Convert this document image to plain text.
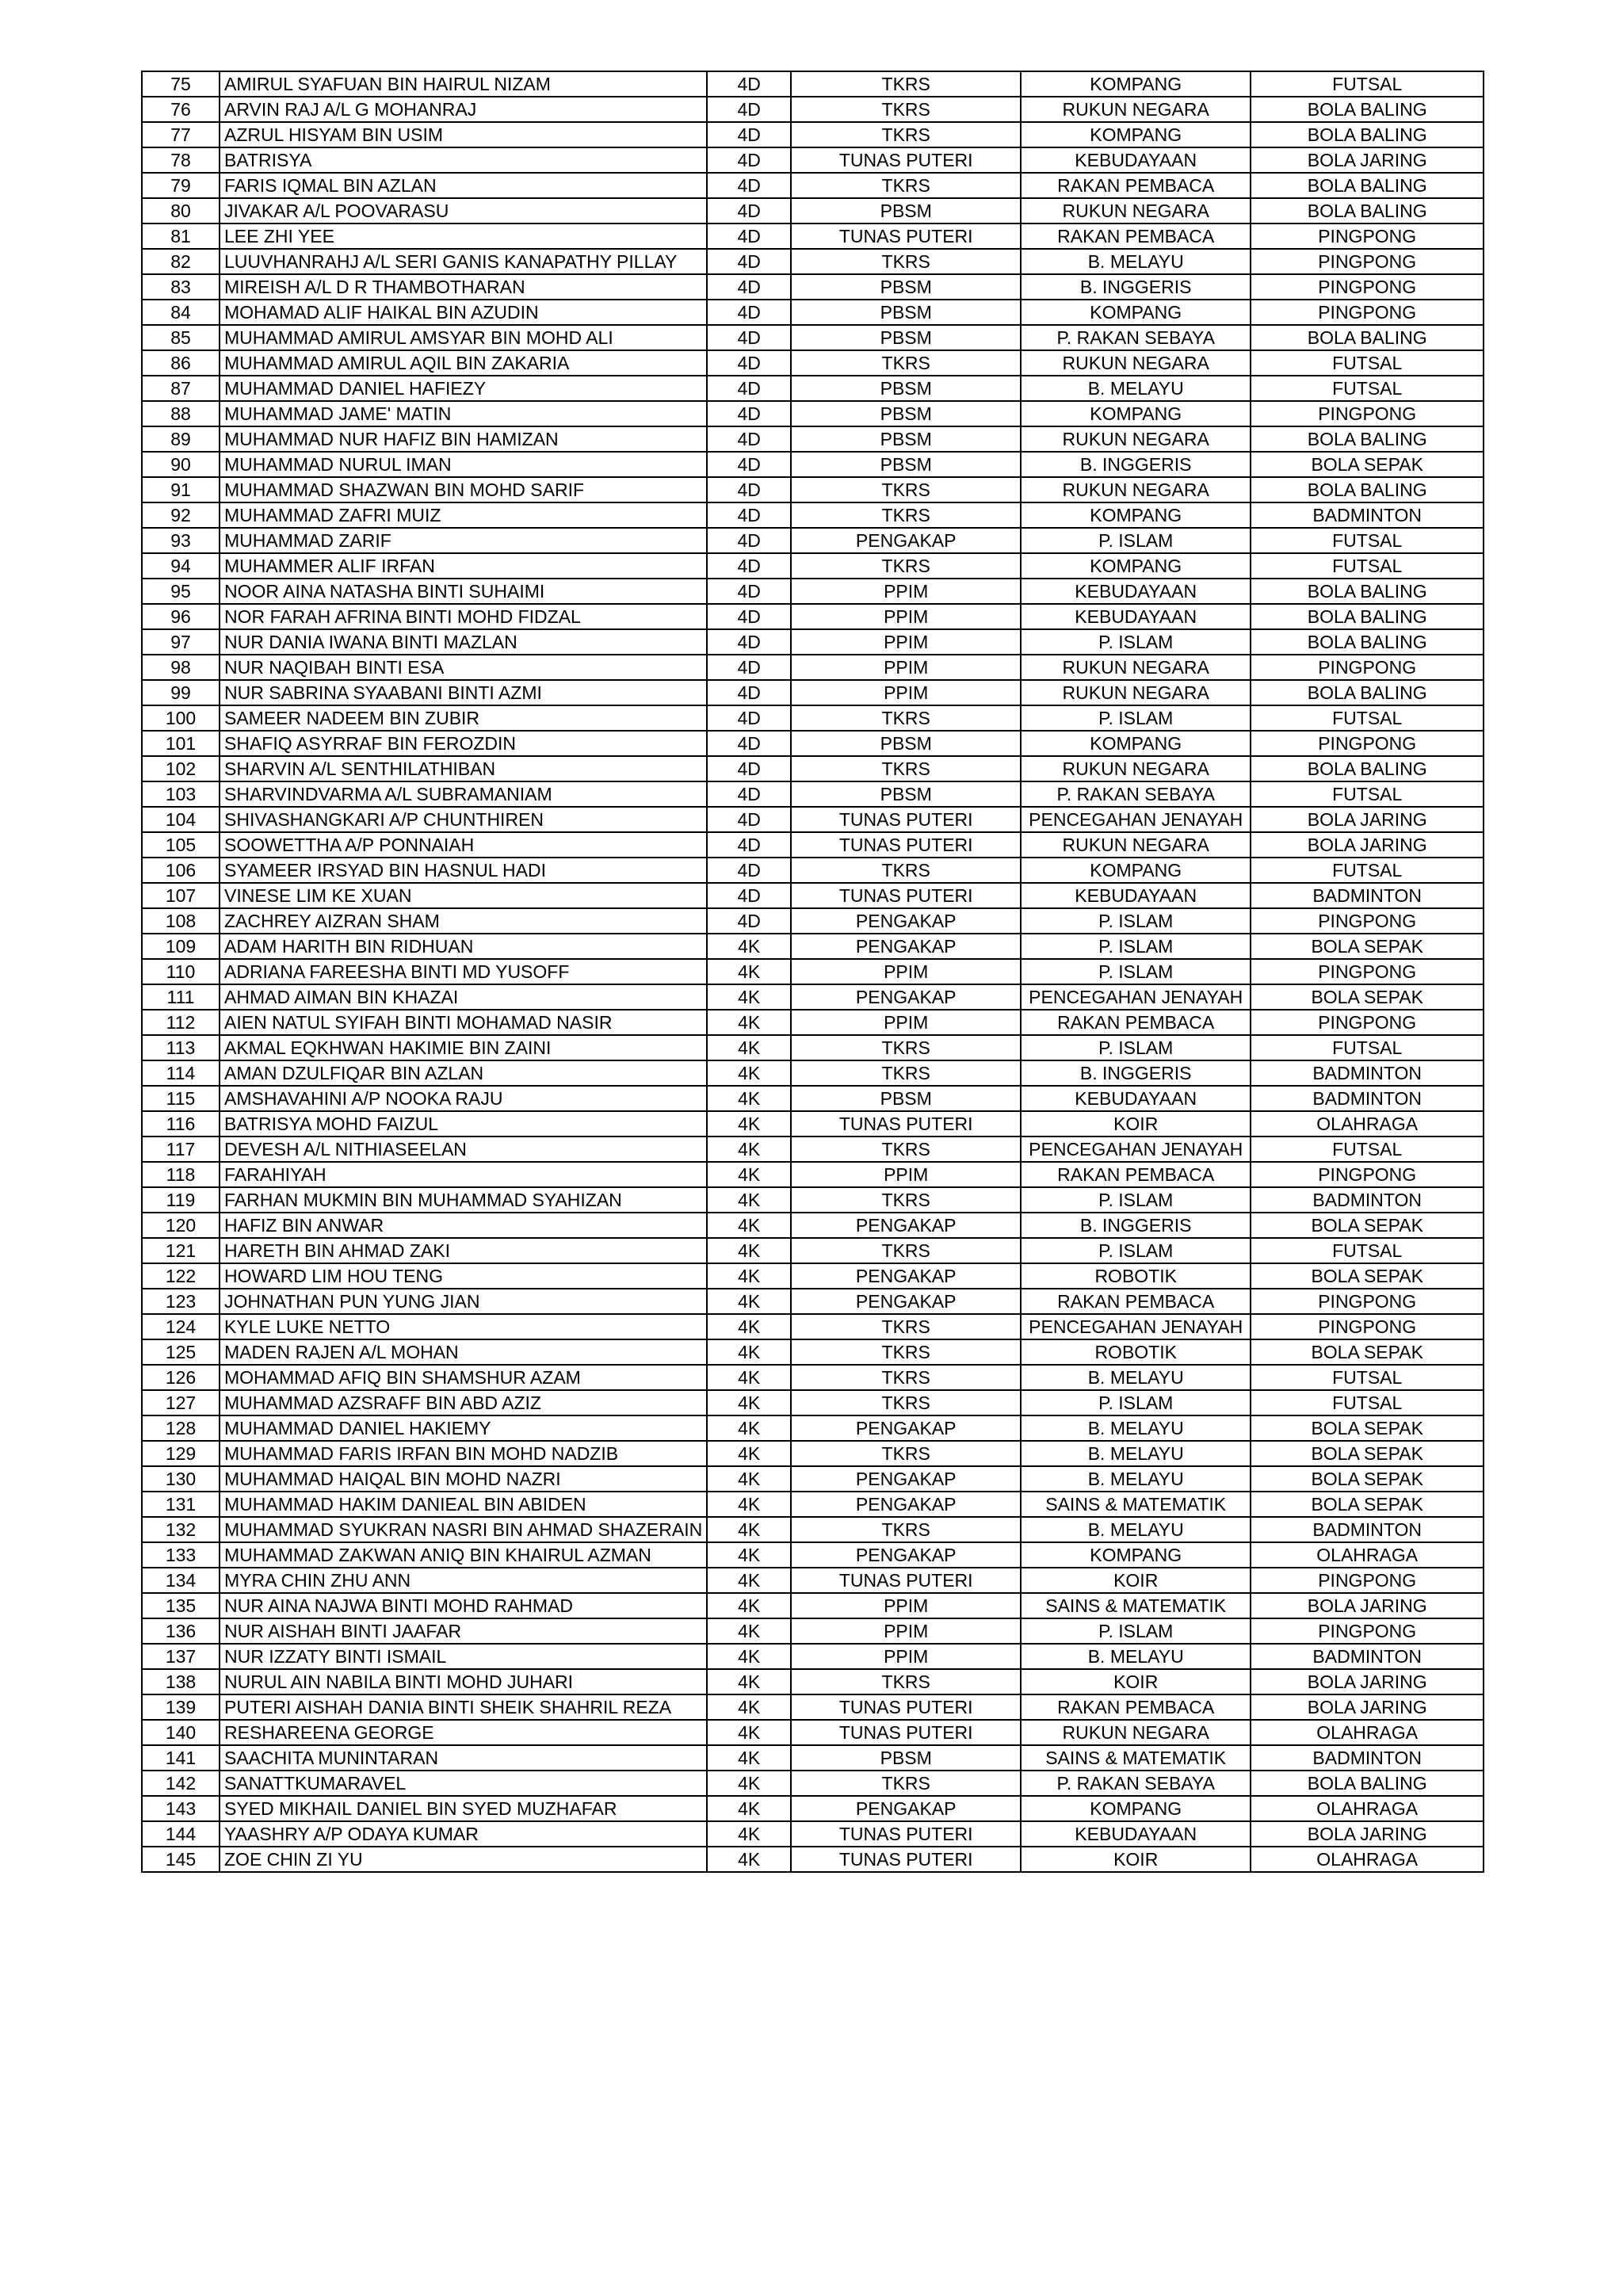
75	AMIRUL SYAFUAN BIN HAIRUL NIZAM	4D	TKRS	KOMPANG	FUTSAL
76	ARVIN RAJ A/L G MOHANRAJ	4D	TKRS	RUKUN NEGARA	BOLA BALING
77	AZRUL HISYAM BIN USIM	4D	TKRS	KOMPANG	BOLA BALING
78	BATRISYA	4D	TUNAS PUTERI	KEBUDAYAAN	BOLA JARING
79	FARIS IQMAL BIN AZLAN	4D	TKRS	RAKAN PEMBACA	BOLA BALING
80	JIVAKAR A/L POOVARASU	4D	PBSM	RUKUN NEGARA	BOLA BALING
81	LEE ZHI YEE	4D	TUNAS PUTERI	RAKAN PEMBACA	PINGPONG
82	LUUVHANRAHJ A/L SERI GANIS KANAPATHY PILLAY	4D	TKRS	B. MELAYU	PINGPONG
83	MIREISH A/L D R THAMBOTHARAN	4D	PBSM	B. INGGERIS	PINGPONG
84	MOHAMAD ALIF HAIKAL BIN AZUDIN	4D	PBSM	KOMPANG	PINGPONG
85	MUHAMMAD AMIRUL AMSYAR BIN MOHD ALI	4D	PBSM	P. RAKAN SEBAYA	BOLA BALING
86	MUHAMMAD AMIRUL AQIL BIN ZAKARIA	4D	TKRS	RUKUN NEGARA	FUTSAL
87	MUHAMMAD DANIEL HAFIEZY	4D	PBSM	B. MELAYU	FUTSAL
88	MUHAMMAD JAME' MATIN	4D	PBSM	KOMPANG	PINGPONG
89	MUHAMMAD NUR HAFIZ BIN HAMIZAN	4D	PBSM	RUKUN NEGARA	BOLA BALING
90	MUHAMMAD NURUL IMAN	4D	PBSM	B. INGGERIS	BOLA SEPAK
91	MUHAMMAD SHAZWAN BIN MOHD SARIF	4D	TKRS	RUKUN NEGARA	BOLA BALING
92	MUHAMMAD ZAFRI MUIZ	4D	TKRS	KOMPANG	BADMINTON
93	MUHAMMAD ZARIF	4D	PENGAKAP	P. ISLAM	FUTSAL
94	MUHAMMER ALIF IRFAN	4D	TKRS	KOMPANG	FUTSAL
95	NOOR AINA NATASHA BINTI SUHAIMI	4D	PPIM	KEBUDAYAAN	BOLA BALING
96	NOR FARAH AFRINA BINTI MOHD FIDZAL	4D	PPIM	KEBUDAYAAN	BOLA BALING
97	NUR DANIA IWANA BINTI MAZLAN	4D	PPIM	P. ISLAM	BOLA BALING
98	NUR NAQIBAH BINTI ESA	4D	PPIM	RUKUN NEGARA	PINGPONG
99	NUR SABRINA SYAABANI BINTI AZMI	4D	PPIM	RUKUN NEGARA	BOLA BALING
100	SAMEER NADEEM BIN ZUBIR	4D	TKRS	P. ISLAM	FUTSAL
101	SHAFIQ ASYRRAF BIN FEROZDIN	4D	PBSM	KOMPANG	PINGPONG
102	SHARVIN A/L SENTHILATHIBAN	4D	TKRS	RUKUN NEGARA	BOLA BALING
103	SHARVINDVARMA A/L SUBRAMANIAM	4D	PBSM	P. RAKAN SEBAYA	FUTSAL
104	SHIVASHANGKARI A/P CHUNTHIREN	4D	TUNAS PUTERI	PENCEGAHAN JENAYAH	BOLA JARING
105	SOOWETTHA A/P PONNAIAH	4D	TUNAS PUTERI	RUKUN NEGARA	BOLA JARING
106	SYAMEER IRSYAD BIN HASNUL HADI	4D	TKRS	KOMPANG	FUTSAL
107	VINESE LIM KE XUAN	4D	TUNAS PUTERI	KEBUDAYAAN	BADMINTON
108	ZACHREY AIZRAN SHAM	4D	PENGAKAP	P. ISLAM	PINGPONG
109	ADAM HARITH BIN RIDHUAN	4K	PENGAKAP	P. ISLAM	BOLA SEPAK
110	ADRIANA FAREESHA BINTI MD YUSOFF	4K	PPIM	P. ISLAM	PINGPONG
111	AHMAD AIMAN BIN KHAZAI	4K	PENGAKAP	PENCEGAHAN JENAYAH	BOLA SEPAK
112	AIEN NATUL SYIFAH BINTI MOHAMAD NASIR	4K	PPIM	RAKAN PEMBACA	PINGPONG
113	AKMAL EQKHWAN HAKIMIE BIN ZAINI	4K	TKRS	P. ISLAM	FUTSAL
114	AMAN DZULFIQAR BIN AZLAN	4K	TKRS	B. INGGERIS	BADMINTON
115	AMSHAVAHINI A/P NOOKA RAJU	4K	PBSM	KEBUDAYAAN	BADMINTON
116	BATRISYA MOHD FAIZUL	4K	TUNAS PUTERI	KOIR	OLAHRAGA
117	DEVESH A/L NITHIASEELAN	4K	TKRS	PENCEGAHAN JENAYAH	FUTSAL
118	FARAHIYAH	4K	PPIM	RAKAN PEMBACA	PINGPONG
119	FARHAN MUKMIN BIN MUHAMMAD SYAHIZAN	4K	TKRS	P. ISLAM	BADMINTON
120	HAFIZ BIN ANWAR	4K	PENGAKAP	B. INGGERIS	BOLA SEPAK
121	HARETH BIN AHMAD ZAKI	4K	TKRS	P. ISLAM	FUTSAL
122	HOWARD LIM HOU TENG	4K	PENGAKAP	ROBOTIK	BOLA SEPAK
123	JOHNATHAN PUN YUNG JIAN	4K	PENGAKAP	RAKAN PEMBACA	PINGPONG
124	KYLE LUKE NETTO	4K	TKRS	PENCEGAHAN JENAYAH	PINGPONG
125	MADEN RAJEN A/L MOHAN	4K	TKRS	ROBOTIK	BOLA SEPAK
126	MOHAMMAD AFIQ BIN SHAMSHUR AZAM	4K	TKRS	B. MELAYU	FUTSAL
127	MUHAMMAD AZSRAFF BIN ABD AZIZ	4K	TKRS	P. ISLAM	FUTSAL
128	MUHAMMAD DANIEL HAKIEMY	4K	PENGAKAP	B. MELAYU	BOLA SEPAK
129	MUHAMMAD FARIS IRFAN BIN MOHD NADZIB	4K	TKRS	B. MELAYU	BOLA SEPAK
130	MUHAMMAD HAIQAL BIN MOHD NAZRI	4K	PENGAKAP	B. MELAYU	BOLA SEPAK
131	MUHAMMAD HAKIM DANIEAL BIN ABIDEN	4K	PENGAKAP	SAINS & MATEMATIK	BOLA SEPAK
132	MUHAMMAD SYUKRAN NASRI BIN AHMAD SHAZERAIN	4K	TKRS	B. MELAYU	BADMINTON
133	MUHAMMAD ZAKWAN ANIQ BIN KHAIRUL AZMAN	4K	PENGAKAP	KOMPANG	OLAHRAGA
134	MYRA CHIN ZHU ANN	4K	TUNAS PUTERI	KOIR	PINGPONG
135	NUR AINA NAJWA BINTI MOHD RAHMAD	4K	PPIM	SAINS & MATEMATIK	BOLA JARING
136	NUR AISHAH BINTI JAAFAR	4K	PPIM	P. ISLAM	PINGPONG
137	NUR IZZATY BINTI ISMAIL	4K	PPIM	B. MELAYU	BADMINTON
138	NURUL AIN NABILA BINTI MOHD JUHARI	4K	TKRS	KOIR	BOLA JARING
139	PUTERI AISHAH DANIA BINTI SHEIK SHAHRIL REZA	4K	TUNAS PUTERI	RAKAN PEMBACA	BOLA JARING
140	RESHAREENA GEORGE	4K	TUNAS PUTERI	RUKUN NEGARA	OLAHRAGA
141	SAACHITA MUNINTARAN	4K	PBSM	SAINS & MATEMATIK	BADMINTON
142	SANATTKUMARAVEL	4K	TKRS	P. RAKAN SEBAYA	BOLA BALING
143	SYED MIKHAIL DANIEL BIN SYED MUZHAFAR	4K	PENGAKAP	KOMPANG	OLAHRAGA
144	YAASHRY A/P ODAYA KUMAR	4K	TUNAS PUTERI	KEBUDAYAAN	BOLA JARING
145	ZOE CHIN ZI YU	4K	TUNAS PUTERI	KOIR	OLAHRAGA
